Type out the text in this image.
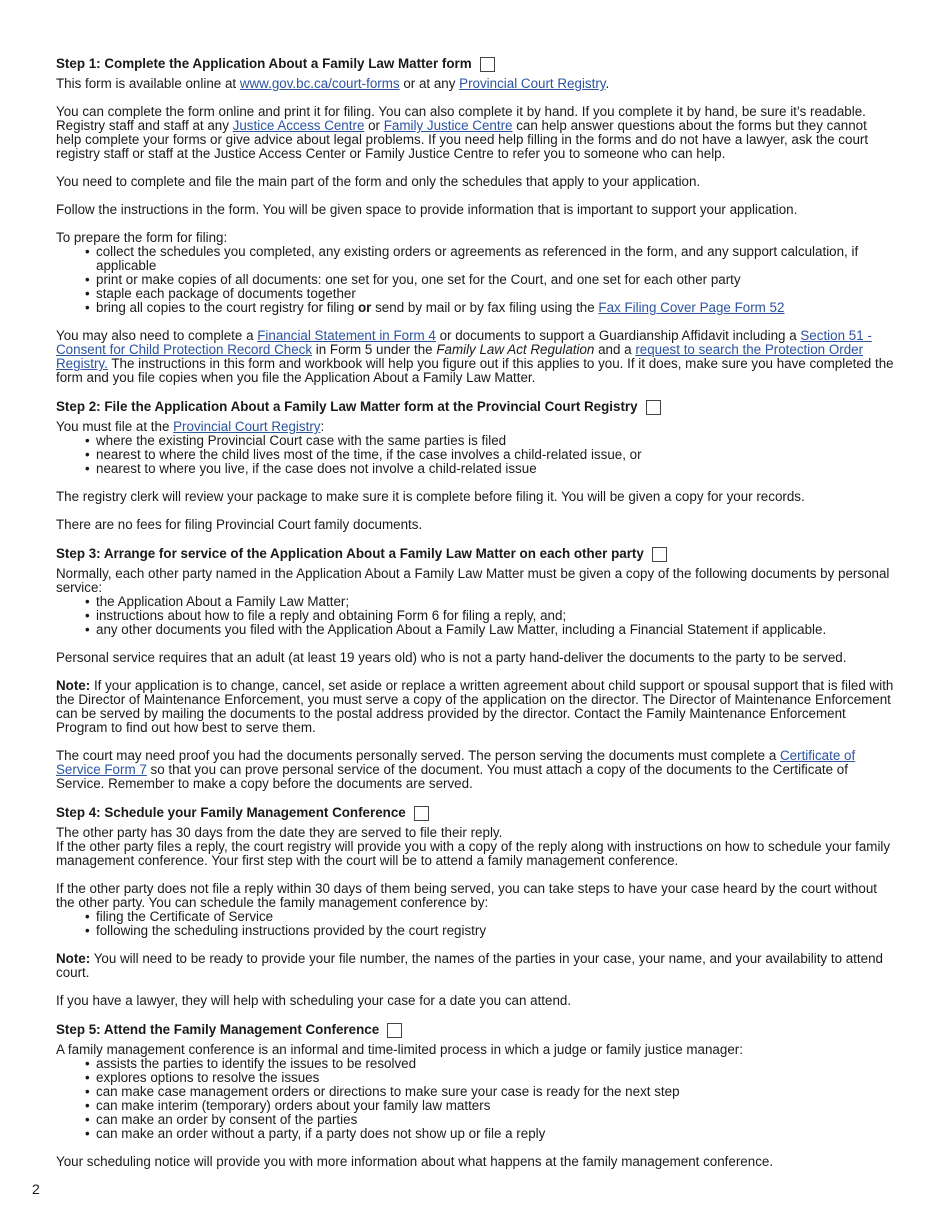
Step 1: Complete the Application About a Family Law Matter form

This form is available online at www.gov.bc.ca/court-forms or at any Provincial Court Registry.

You can complete the form online and print it for filing. You can also complete it by hand. If you complete it by hand, be sure it’s readable. Registry staff and staff at any Justice Access Centre or Family Justice Centre can help answer questions about the forms but they cannot help complete your forms or give advice about legal problems. If you need help filling in the forms and do not have a lawyer, ask the court registry staff or staff at the Justice Access Center or Family Justice Centre to refer you to someone who can help.

You need to complete and file the main part of the form and only the schedules that apply to your application.

Follow the instructions in the form. You will be given space to provide information that is important to support your application.

To prepare the form for filing:

• collect the schedules you completed, any existing orders or agreements as referenced in the form, and any support calculation, if applicable
• print or make copies of all documents: one set for you, one set for the Court, and one set for each other party
• staple each package of documents together
• bring all copies to the court registry for filing or send by mail or by fax filing using the Fax Filing Cover Page Form 52

You may also need to complete a Financial Statement in Form 4 or documents to support a Guardianship Affidavit including a Section 51 - Consent for Child Protection Record Check in Form 5 under the Family Law Act Regulation and a request to search the Protection Order Registry. The instructions in this form and workbook will help you figure out if this applies to you. If it does, make sure you have completed the form and you file copies when you file the Application About a Family Law Matter.

Step 2: File the Application About a Family Law Matter form at the Provincial Court Registry

You must file at the Provincial Court Registry:

• where the existing Provincial Court case with the same parties is filed
• nearest to where the child lives most of the time, if the case involves a child-related issue, or
• nearest to where you live, if the case does not involve a child-related issue

The registry clerk will review your package to make sure it is complete before filing it. You will be given a copy for your records.

There are no fees for filing Provincial Court family documents.

Step 3: Arrange for service of the Application About a Family Law Matter on each other party

Normally, each other party named in the Application About a Family Law Matter must be given a copy of the following documents by personal service:

• the Application About a Family Law Matter;
• instructions about how to file a reply and obtaining Form 6 for filing a reply, and;
• any other documents you filed with the Application About a Family Law Matter, including a Financial Statement if applicable.

Personal service requires that an adult (at least 19 years old) who is not a party hand-deliver the documents to the party to be served.

Note: If your application is to change, cancel, set aside or replace a written agreement about child support or spousal support that is filed with the Director of Maintenance Enforcement, you must serve a copy of the application on the director. The Director of Maintenance Enforcement can be served by mailing the documents to the postal address provided by the director. Contact the Family Maintenance Enforcement Program to find out how best to serve them.

The court may need proof you had the documents personally served. The person serving the documents must complete a Certificate of Service Form 7 so that you can prove personal service of the document. You must attach a copy of the documents to the Certificate of Service. Remember to make a copy before the documents are served.

Step 4: Schedule your Family Management Conference

The other party has 30 days from the date they are served to file their reply.

If the other party files a reply, the court registry will provide you with a copy of the reply along with instructions on how to schedule your family management conference. Your first step with the court will be to attend a family management conference.

If the other party does not file a reply within 30 days of them being served, you can take steps to have your case heard by the court without the other party. You can schedule the family management conference by:

• filing the Certificate of Service
• following the scheduling instructions provided by the court registry

Note: You will need to be ready to provide your file number, the names of the parties in your case, your name, and your availability to attend court.

If you have a lawyer, they will help with scheduling your case for a date you can attend.

Step 5: Attend the Family Management Conference

A family management conference is an informal and time-limited process in which a judge or family justice manager:

• assists the parties to identify the issues to be resolved
• explores options to resolve the issues
• can make case management orders or directions to make sure your case is ready for the next step
• can make interim (temporary) orders about your family law matters
• can make an order by consent of the parties
• can make an order without a party, if a party does not show up or file a reply

Your scheduling notice will provide you with more information about what happens at the family management conference.

2
